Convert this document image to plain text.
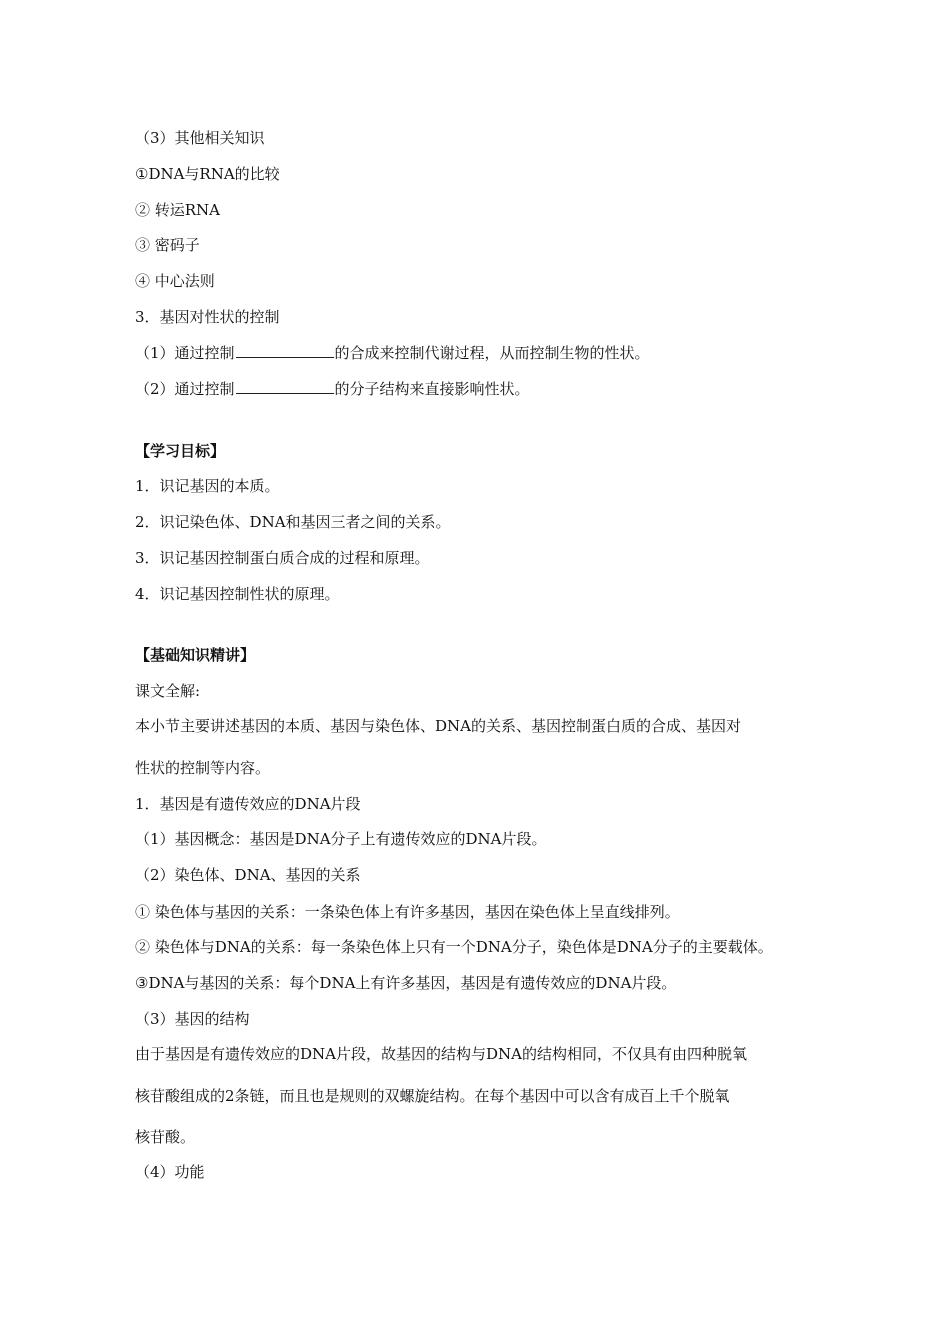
（3）其他相关知识
①DNA与RNA的比较
② 转运RNA
③ 密码子
④ 中心法则
3．基因对性状的控制
（1）通过控制	的合成来控制代谢过程，从而控制生物的性状。
（2）通过控制	的分子结构来直接影响性状。
【学习目标】
1．识记基因的本质。
2．识记染色体、DNA和基因三者之间的关系。
3．识记基因控制蛋白质合成的过程和原理。
4．识记基因控制性状的原理。
【基础知识精讲】
课文全解:
本小节主要讲述基因的本质、基因与染色体、DNA的关系、基因控制蛋白质的合成、基因对
性状的控制等内容。
1．基因是有遗传效应的DNA片段
（1）基因概念：基因是DNA分子上有遗传效应的DNA片段。
（2）染色体、DNA、基因的关系
① 染色体与基因的关系：一条染色体上有许多基因，基因在染色体上呈直线排列。
② 染色体与DNA的关系：每一条染色体上只有一个DNA分子，染色体是DNA分子的主要载体。
③DNA与基因的关系：每个DNA上有许多基因，基因是有遗传效应的DNA片段。
（3）基因的结构
由于基因是有遗传效应的DNA片段，故基因的结构与DNA的结构相同，不仅具有由四种脱氧
核苷酸组成的2条链，而且也是规则的双螺旋结构。在每个基因中可以含有成百上千个脱氧
核苷酸。
（4）功能
